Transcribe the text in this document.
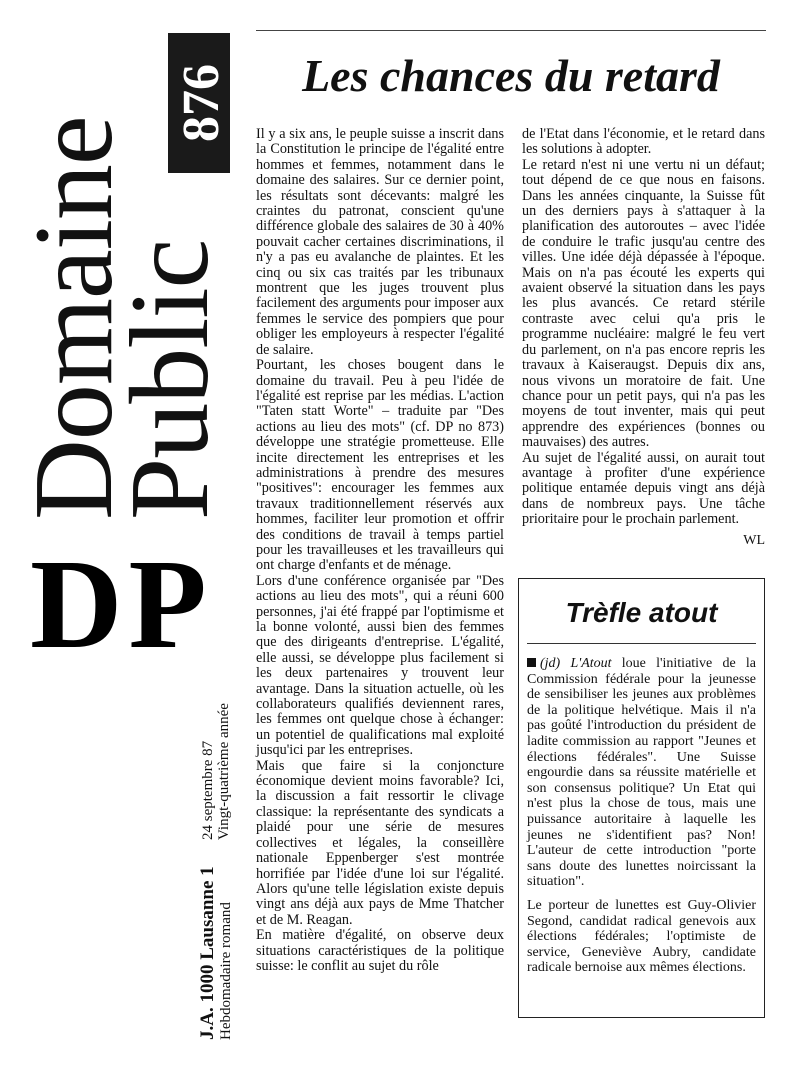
Domaine
Public
876
DP
J.A. 1000 Lausanne 1 Hebdomadaire romand
24 septembre 87 Vingt-quatrième année
Les chances du retard

Il y a six ans, le peuple suisse a inscrit dans la Constitution le principe de l'égalité entre hommes et femmes, notamment dans le domaine des salaires. Sur ce dernier point, les résultats sont décevants: malgré les craintes du patronat, conscient qu'une différence globale des salaires de 30 à 40% pouvait cacher certaines discriminations, il n'y a pas eu avalanche de plaintes. Et les cinq ou six cas traités par les tribunaux montrent que les juges trouvent plus facilement des arguments pour imposer aux femmes le service des pompiers que pour obliger les employeurs à respecter l'égalité de salaire.

Pourtant, les choses bougent dans le domaine du travail. Peu à peu l'idée de l'égalité est reprise par les médias. L'action "Taten statt Worte" – traduite par "Des actions au lieu des mots" (cf. DP no 873) développe une stratégie prometteuse. Elle incite directement les entreprises et les administrations à prendre des mesures "positives": encourager les femmes aux travaux traditionnellement réservés aux hommes, faciliter leur promotion et offrir des conditions de travail à temps partiel pour les travailleuses et les travailleurs qui ont charge d'enfants et de ménage.

Lors d'une conférence organisée par "Des actions au lieu des mots", qui a réuni 600 personnes, j'ai été frappé par l'optimisme et la bonne volonté, aussi bien des femmes que des dirigeants d'entreprise. L'égalité, elle aussi, se développe plus facilement si les deux partenaires y trouvent leur avantage. Dans la situation actuelle, où les collaborateurs qualifiés deviennent rares, les femmes ont quelque chose à échanger: un potentiel de qualifications mal exploité jusqu'ici par les entreprises.

Mais que faire si la conjoncture économique devient moins favorable? Ici, la discussion a fait ressortir le clivage classique: la représentante des syndicats a plaidé pour une série de mesures collectives et légales, la conseillère nationale Eppenberger s'est montrée horrifiée par l'idée d'une loi sur l'égalité. Alors qu'une telle législation existe depuis vingt ans déjà aux pays de Mme Thatcher et de M. Reagan.

En matière d'égalité, on observe deux situations caractéristiques de la politique suisse: le conflit au sujet du rôle

de l'Etat dans l'économie, et le retard dans les solutions à adopter.

Le retard n'est ni une vertu ni un défaut; tout dépend de ce que nous en faisons. Dans les années cinquante, la Suisse fût un des derniers pays à s'attaquer à la planification des autoroutes – avec l'idée de conduire le trafic jusqu'au centre des villes. Une idée déjà dépassée à l'époque. Mais on n'a pas écouté les experts qui avaient observé la situation dans les pays les plus avancés. Ce retard stérile contraste avec celui qu'a pris le programme nucléaire: malgré le feu vert du parlement, on n'a pas encore repris les travaux à Kaiseraugst. Depuis dix ans, nous vivons un moratoire de fait. Une chance pour un petit pays, qui n'a pas les moyens de tout inventer, mais qui peut apprendre des expériences (bonnes ou mauvaises) des autres.

Au sujet de l'égalité aussi, on aurait tout avantage à profiter d'une expérience politique entamée depuis vingt ans déjà dans de nombreux pays. Une tâche prioritaire pour le prochain parlement.

WL
Trèfle atout

(jd) L'Atout loue l'initiative de la Commission fédérale pour la jeunesse de sensibiliser les jeunes aux problèmes de la politique helvétique. Mais il n'a pas goûté l'introduction du président de ladite commission au rapport "Jeunes et élections fédérales". Une Suisse engourdie dans sa réussite matérielle et son consensus politique? Un Etat qui n'est plus la chose de tous, mais une puissance autoritaire à laquelle les jeunes ne s'identifient pas? Non! L'auteur de cette introduction "porte sans doute des lunettes noircissant la situation".

Le porteur de lunettes est Guy-Olivier Segond, candidat radical genevois aux élections fédérales; l'optimiste de service, Geneviève Aubry, candidate radicale bernoise aux mêmes élections.
